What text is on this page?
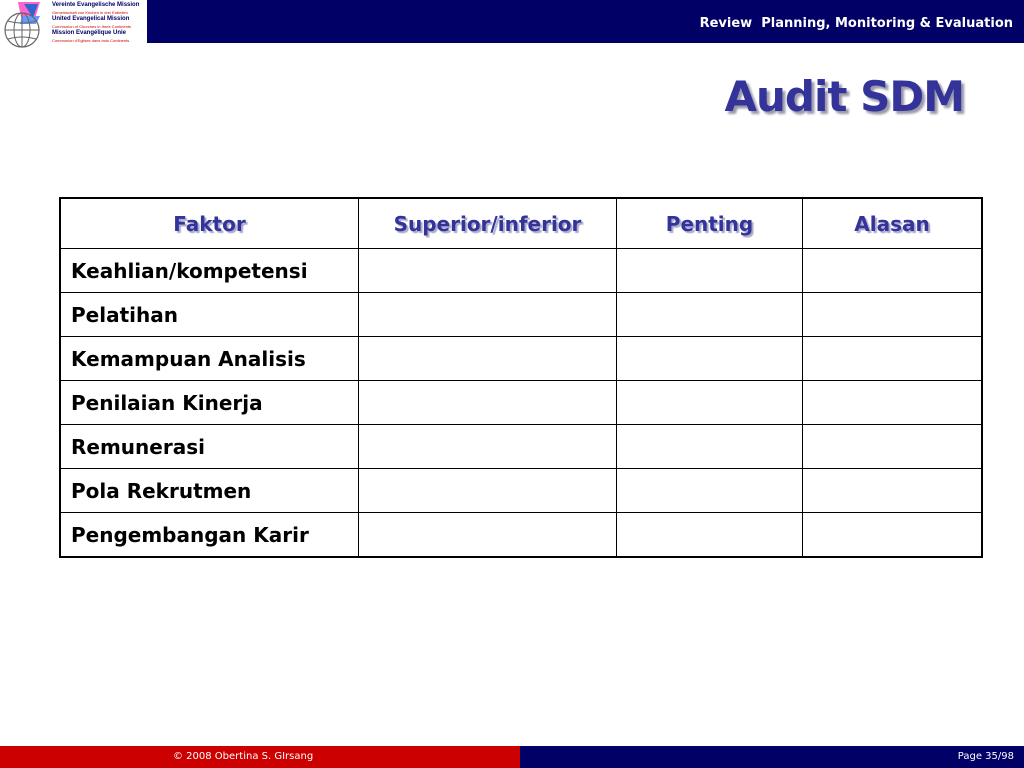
Vereinte Evangelische Mission
Gemeinschaft von Kirchen in drei Erdteilen
United Evangelical Mission
Communion of Churches in three Continents
Mission Evangélique Unie
Communion d'Eglises dans trois Continents
Review  Planning, Monitoring & Evaluation
Audit SDM
Faktor	Superior/inferior	Penting	Alasan
Keahlian/kompetensi			
Pelatihan			
Kemampuan Analisis			
Penilaian Kinerja			
Remunerasi			
Pola Rekrutmen			
Pengembangan Karir			
© 2008 Obertina S. GIrsang	Page 35/98
